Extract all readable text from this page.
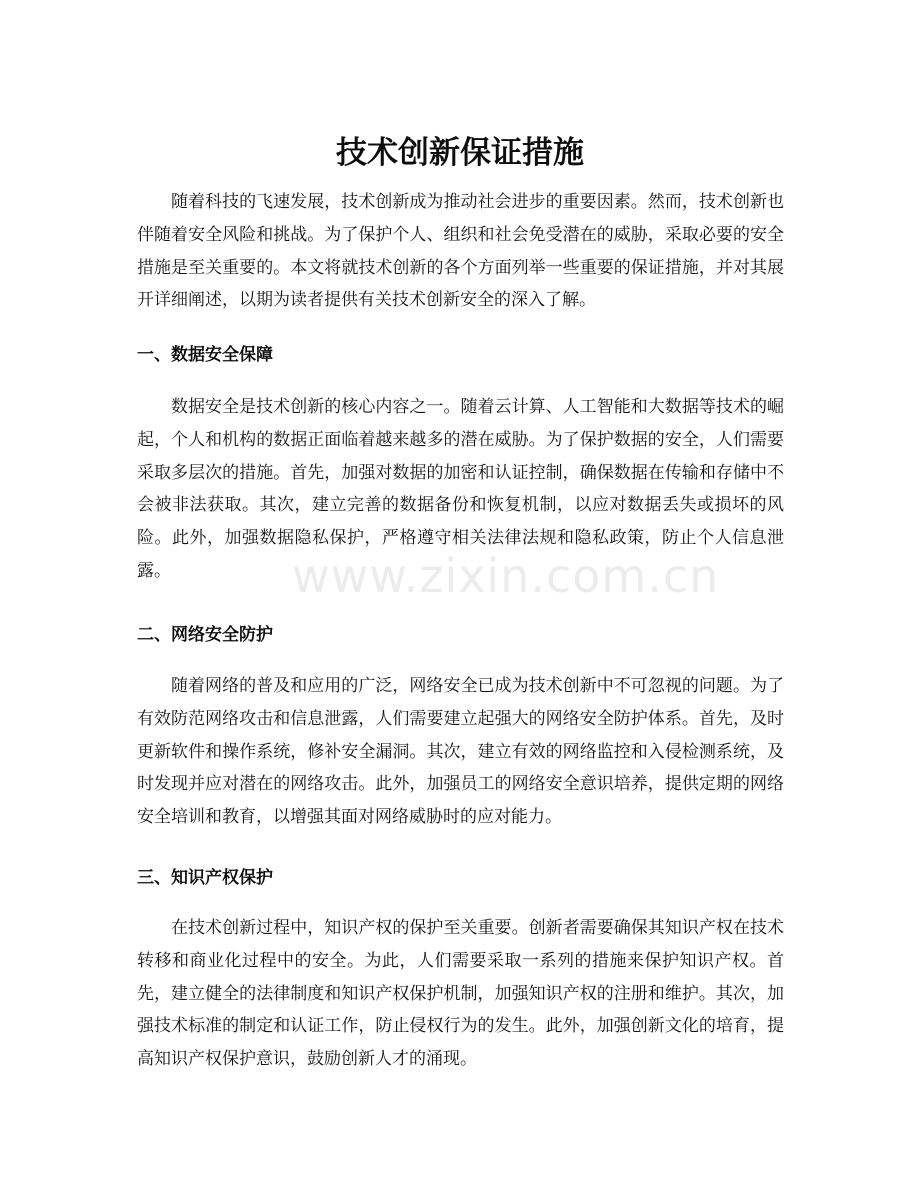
技术创新保证措施

随着科技的飞速发展，技术创新成为推动社会进步的重要因素。然而，技术创新也伴随着安全风险和挑战。为了保护个人、组织和社会免受潜在的威胁，采取必要的安全措施是至关重要的。本文将就技术创新的各个方面列举一些重要的保证措施，并对其展开详细阐述，以期为读者提供有关技术创新安全的深入了解。

一、数据安全保障

数据安全是技术创新的核心内容之一。随着云计算、人工智能和大数据等技术的崛起，个人和机构的数据正面临着越来越多的潜在威胁。为了保护数据的安全，人们需要采取多层次的措施。首先，加强对数据的加密和认证控制，确保数据在传输和存储中不会被非法获取。其次，建立完善的数据备份和恢复机制，以应对数据丢失或损坏的风险。此外，加强数据隐私保护，严格遵守相关法律法规和隐私政策，防止个人信息泄露。

二、网络安全防护

随着网络的普及和应用的广泛，网络安全已成为技术创新中不可忽视的问题。为了有效防范网络攻击和信息泄露，人们需要建立起强大的网络安全防护体系。首先，及时更新软件和操作系统，修补安全漏洞。其次，建立有效的网络监控和入侵检测系统，及时发现并应对潜在的网络攻击。此外，加强员工的网络安全意识培养，提供定期的网络安全培训和教育，以增强其面对网络威胁时的应对能力。

三、知识产权保护

在技术创新过程中，知识产权的保护至关重要。创新者需要确保其知识产权在技术转移和商业化过程中的安全。为此，人们需要采取一系列的措施来保护知识产权。首先，建立健全的法律制度和知识产权保护机制，加强知识产权的注册和维护。其次，加强技术标准的制定和认证工作，防止侵权行为的发生。此外，加强创新文化的培育，提高知识产权保护意识，鼓励创新人才的涌现。

www.zixin.com.cn
